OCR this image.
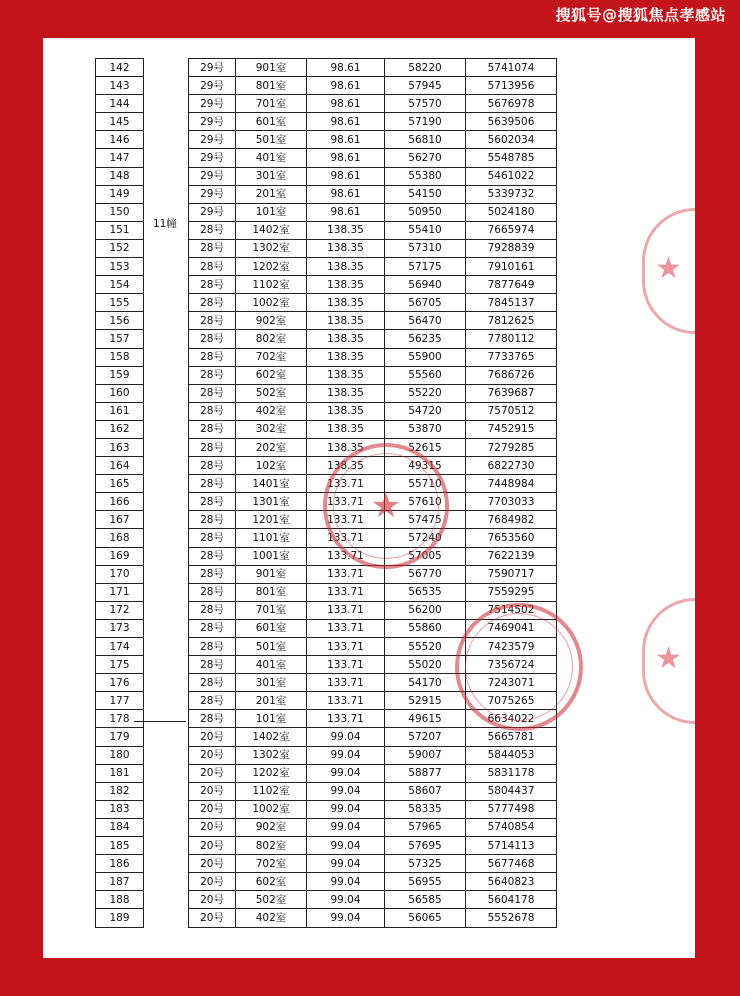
搜狐号@搜狐焦点孝感站
142		29号	901室	98.61	58220	5741074
143		29号	801室	98.61	57945	5713956
144		29号	701室	98.61	57570	5676978
145		29号	601室	98.61	57190	5639506
146		29号	501室	98.61	56810	5602034
147		29号	401室	98.61	56270	5548785
148		29号	301室	98.61	55380	5461022
149		29号	201室	98.61	54150	5339732
150		29号	101室	98.61	50950	5024180
151		28号	1402室	138.35	55410	7665974
152		28号	1302室	138.35	57310	7928839
153		28号	1202室	138.35	57175	7910161
154		28号	1102室	138.35	56940	7877649
155		28号	1002室	138.35	56705	7845137
156		28号	902室	138.35	56470	7812625
157		28号	802室	138.35	56235	7780112
158		28号	702室	138.35	55900	7733765
159		28号	602室	138.35	55560	7686726
160		28号	502室	138.35	55220	7639687
161		28号	402室	138.35	54720	7570512
162		28号	302室	138.35	53870	7452915
163		28号	202室	138.35	52615	7279285
164		28号	102室	138.35	49315	6822730
165		28号	1401室	133.71	55710	7448984
166		28号	1301室	133.71	57610	7703033
167		28号	1201室	133.71	57475	7684982
168		28号	1101室	133.71	57240	7653560
169		28号	1001室	133.71	57005	7622139
170		28号	901室	133.71	56770	7590717
171		28号	801室	133.71	56535	7559295
172		28号	701室	133.71	56200	7514502
173		28号	601室	133.71	55860	7469041
174		28号	501室	133.71	55520	7423579
175		28号	401室	133.71	55020	7356724
176		28号	301室	133.71	54170	7243071
177		28号	201室	133.71	52915	7075265
178		28号	101室	133.71	49615	6634022
179		20号	1402室	99.04	57207	5665781
180		20号	1302室	99.04	59007	5844053
181		20号	1202室	99.04	58877	5831178
182		20号	1102室	99.04	58607	5804437
183		20号	1002室	99.04	58335	5777498
184		20号	902室	99.04	57965	5740854
185		20号	802室	99.04	57695	5714113
186		20号	702室	99.04	57325	5677468
187		20号	602室	99.04	56955	5640823
188		20号	502室	99.04	56585	5604178
189		20号	402室	99.04	56065	5552678
11幢
★
★
★
